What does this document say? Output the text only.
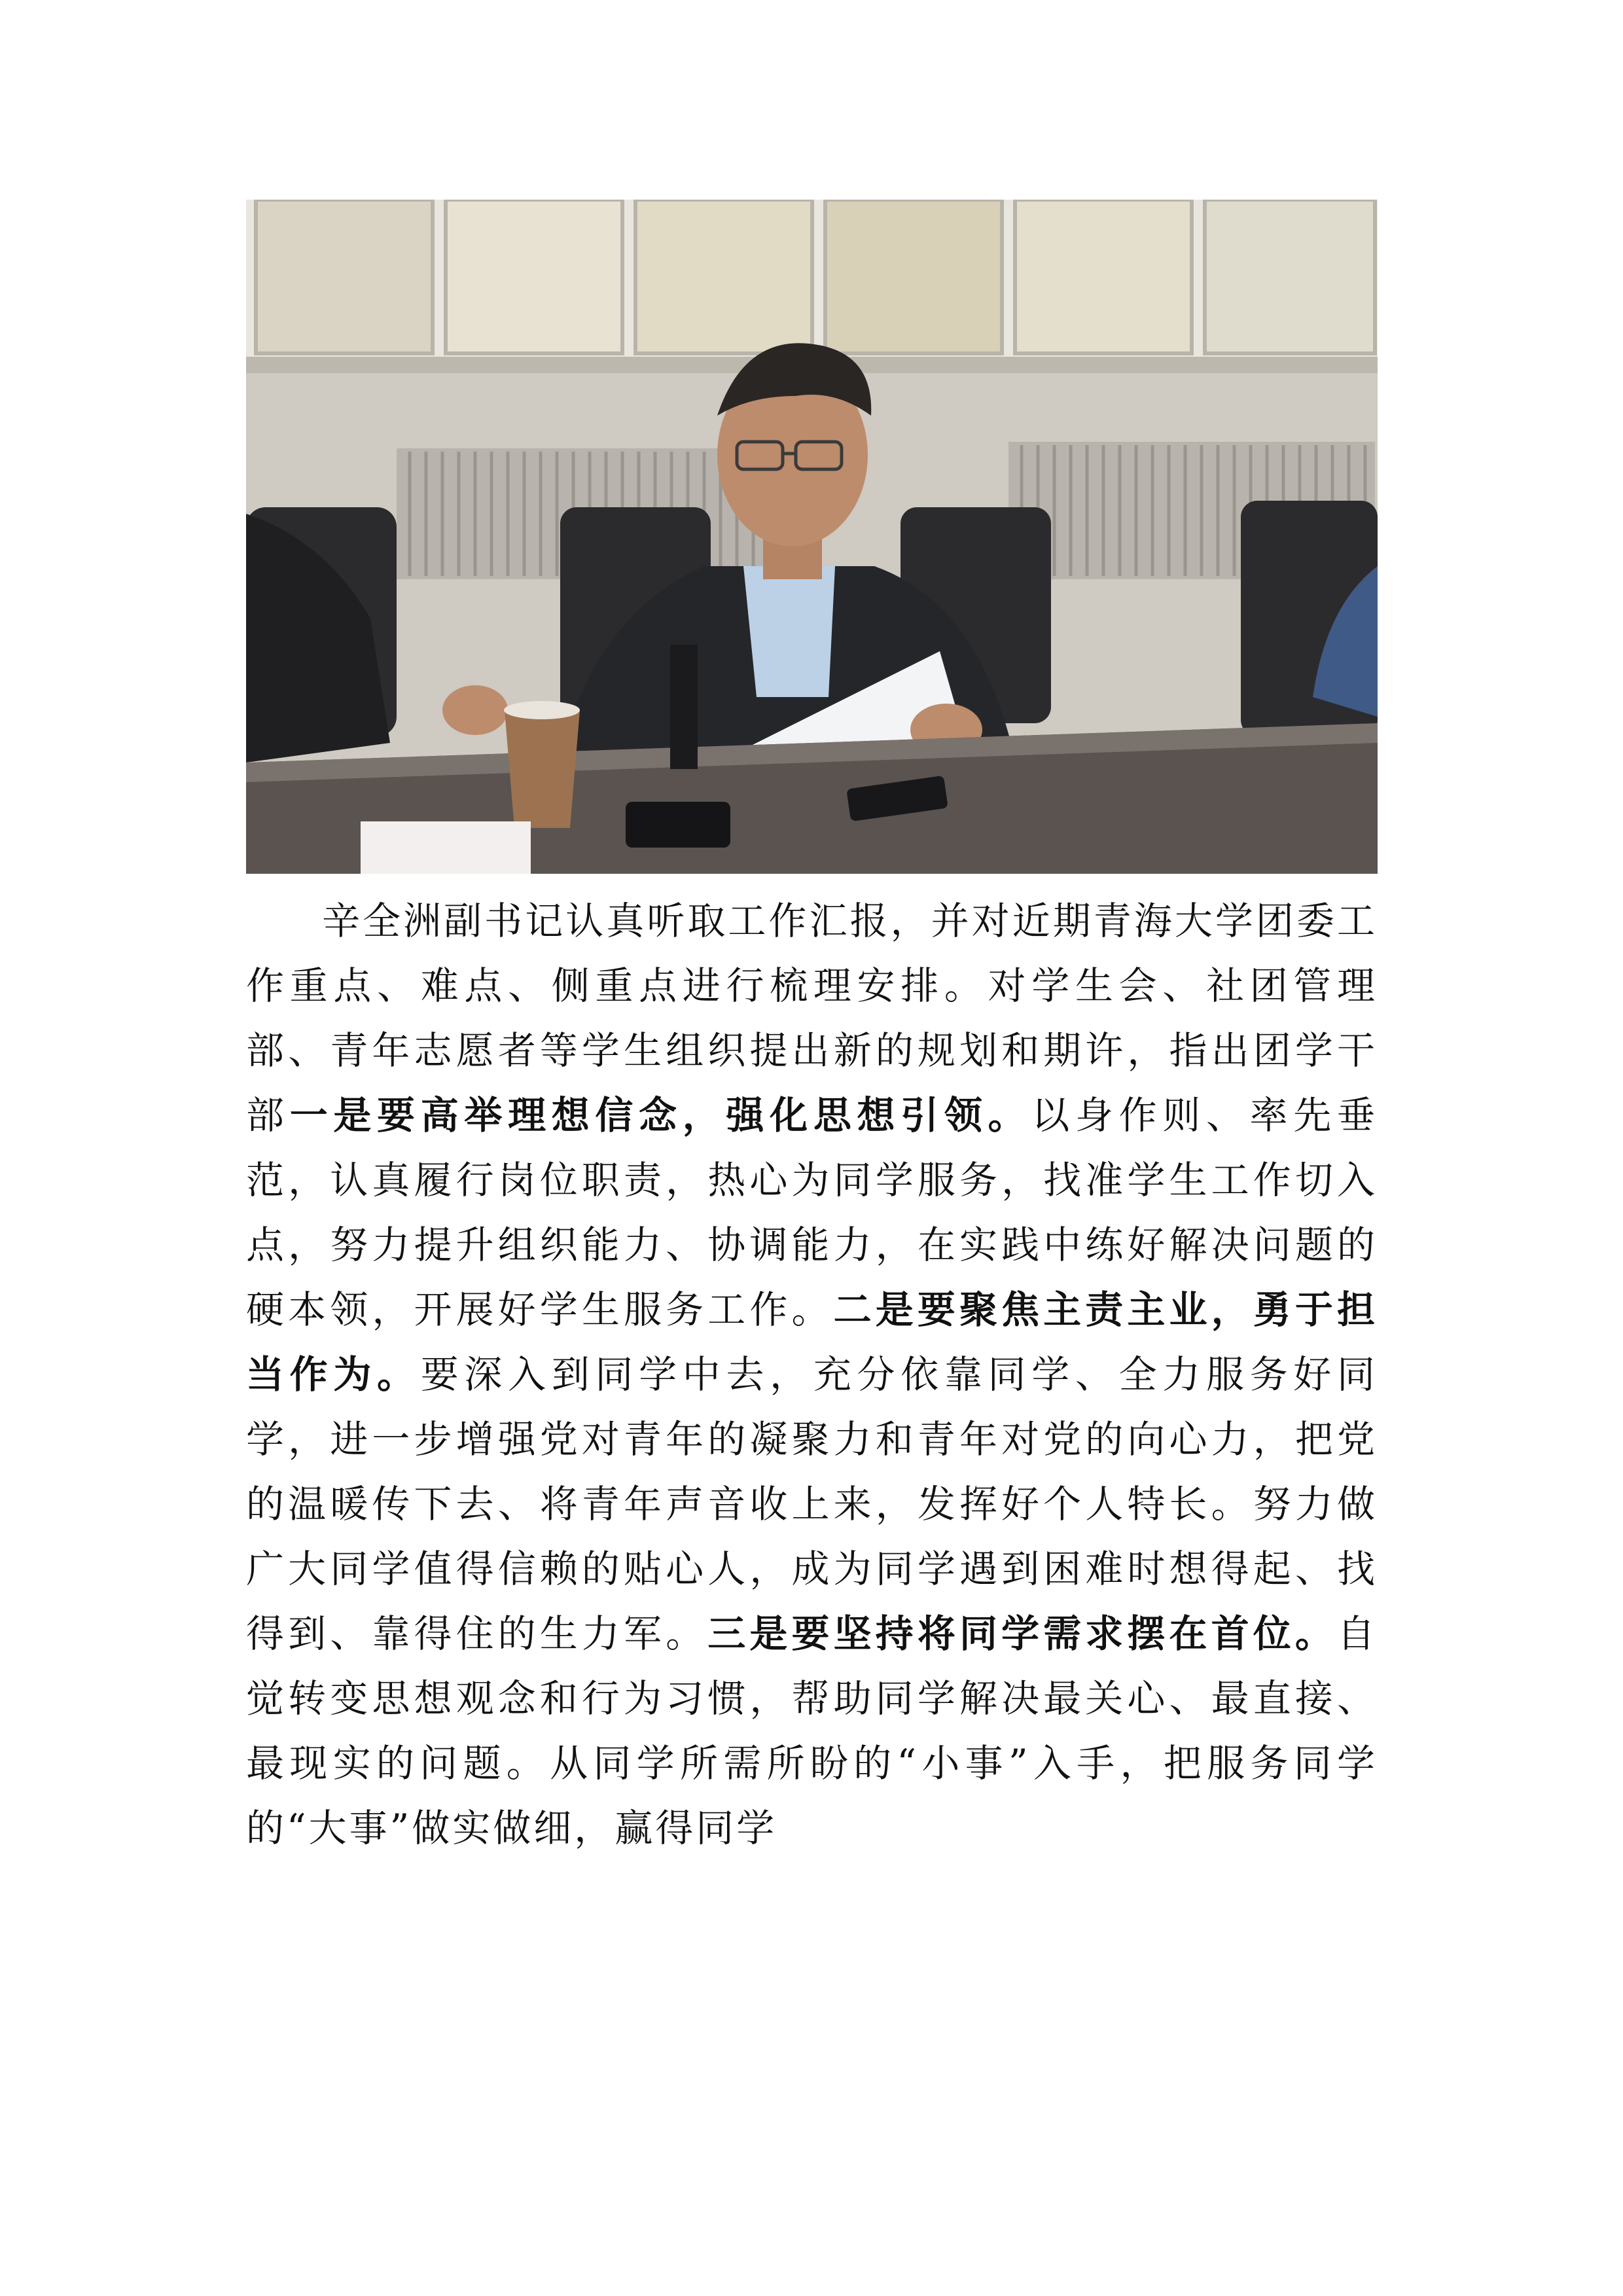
辛全洲副书记认真听取工作汇报，并对近期青海大学团委工作重点、难点、侧重点进行梳理安排。对学生会、社团管理部、青年志愿者等学生组织提出新的规划和期许，指出团学干部一是要高举理想信念，强化思想引领。以身作则、率先垂范，认真履行岗位职责，热心为同学服务，找准学生工作切入点，努力提升组织能力、协调能力，在实践中练好解决问题的硬本领，开展好学生服务工作。二是要聚焦主责主业，勇于担当作为。要深入到同学中去，充分依靠同学、全力服务好同学，进一步增强党对青年的凝聚力和青年对党的向心力，把党的温暖传下去、将青年声音收上来，发挥好个人特长。努力做广大同学值得信赖的贴心人，成为同学遇到困难时想得起、找得到、靠得住的生力军。三是要坚持将同学需求摆在首位。自觉转变思想观念和行为习惯，帮助同学解决最关心、最直接、最现实的问题。从同学所需所盼的“小事”入手，把服务同学的“大事”做实做细，赢得同学
